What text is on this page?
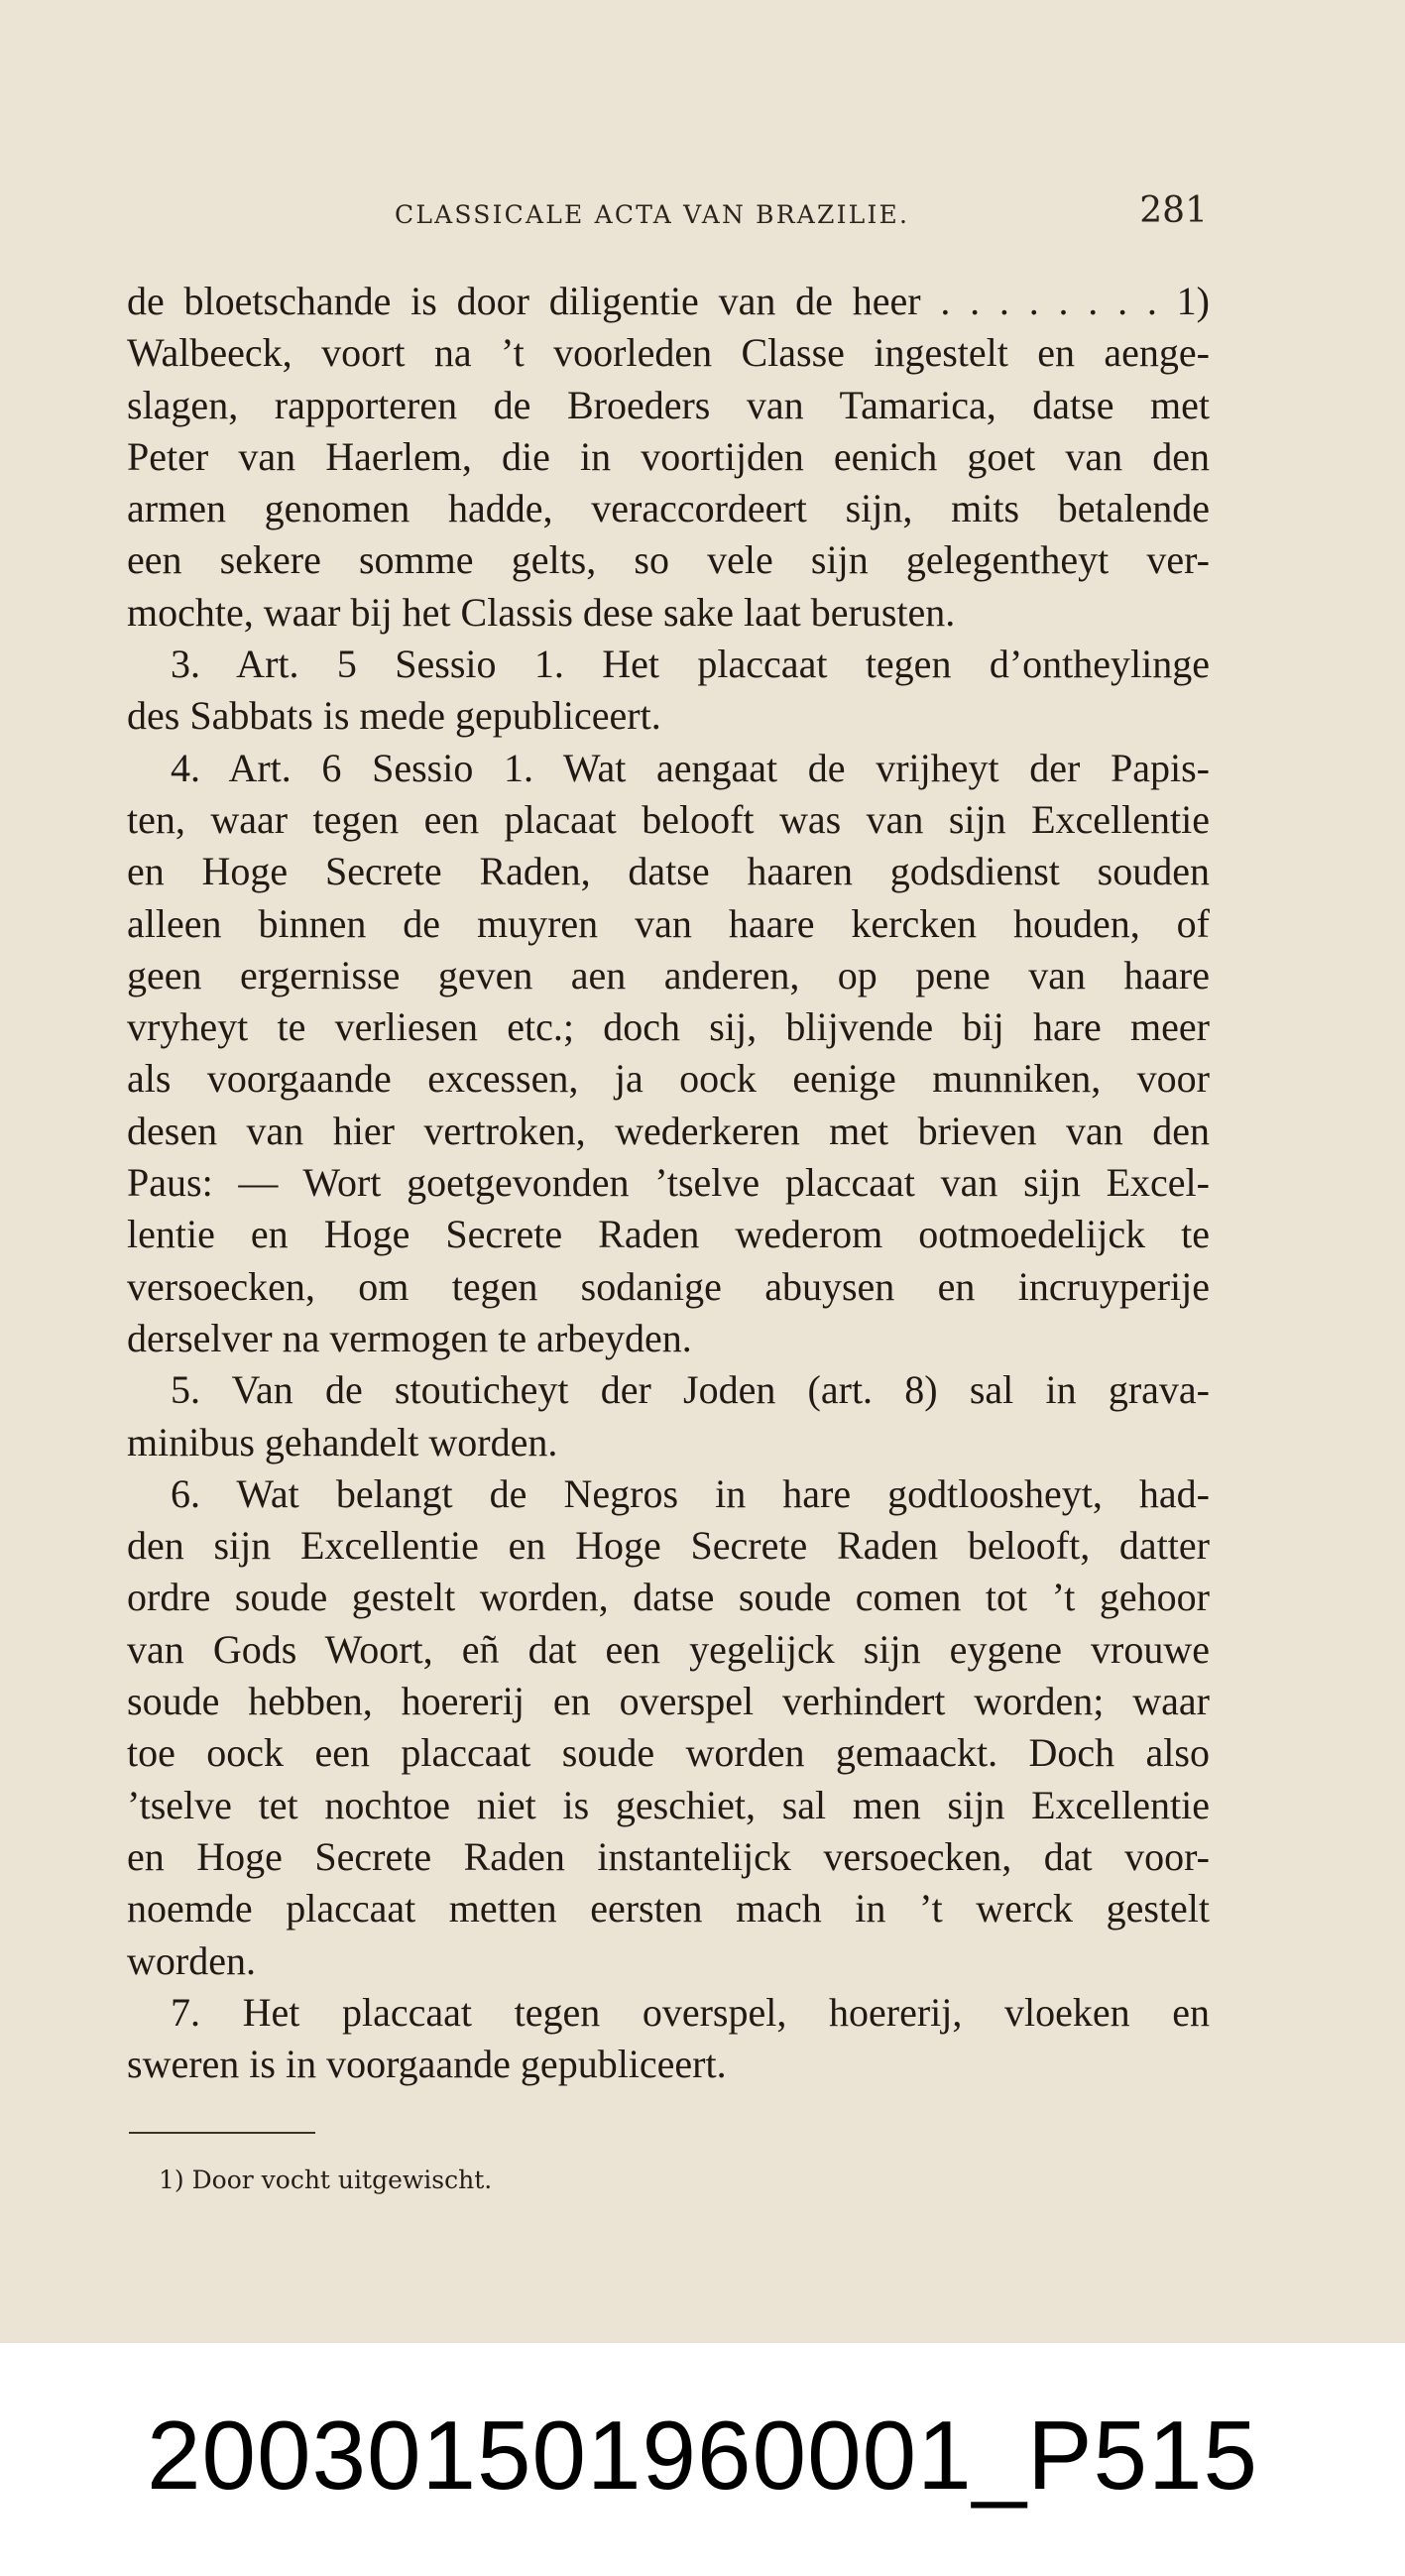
CLASSICALE ACTA VAN BRAZILIE.	281
de bloetschande is door diligentie van de heer . . . . . . . . 1)
Walbeeck, voort na ’t voorleden Classe ingestelt en aenge-
slagen, rapporteren de Broeders van Tamarica, datse met
Peter van Haerlem, die in voortijden eenich goet van den
armen genomen hadde, veraccordeert sijn, mits betalende
een sekere somme gelts, so vele sijn gelegentheyt ver-
mochte, waar bij het Classis dese sake laat berusten.
3. Art. 5 Sessio 1. Het placcaat tegen d’ontheylinge
des Sabbats is mede gepubliceert.
4. Art. 6 Sessio 1. Wat aengaat de vrijheyt der Papis-
ten, waar tegen een placaat belooft was van sijn Excellentie
en Hoge Secrete Raden, datse haaren godsdienst souden
alleen binnen de muyren van haare kercken houden, of
geen ergernisse geven aen anderen, op pene van haare
vryheyt te verliesen etc.; doch sij, blijvende bij hare meer
als voorgaande excessen, ja oock eenige munniken, voor
desen van hier vertroken, wederkeren met brieven van den
Paus: — Wort goetgevonden ’tselve placcaat van sijn Excel-
lentie en Hoge Secrete Raden wederom ootmoedelijck te
versoecken, om tegen sodanige abuysen en incruyperije
derselver na vermogen te arbeyden.
5. Van de stouticheyt der Joden (art. 8) sal in grava-
minibus gehandelt worden.
6. Wat belangt de Negros in hare godtloosheyt, had-
den sijn Excellentie en Hoge Secrete Raden belooft, datter
ordre soude gestelt worden, datse soude comen tot ’t gehoor
van Gods Woort, eñ dat een yegelijck sijn eygene vrouwe
soude hebben, hoererij en overspel verhindert worden; waar
toe oock een placcaat soude worden gemaackt. Doch also
’tselve tet nochtoe niet is geschiet, sal men sijn Excellentie
en Hoge Secrete Raden instantelijck versoecken, dat voor-
noemde placcaat metten eersten mach in ’t werck gestelt
worden.
7. Het placcaat tegen overspel, hoererij, vloeken en
sweren is in voorgaande gepubliceert.
1) Door vocht uitgewischt.
200301501960001_P515
